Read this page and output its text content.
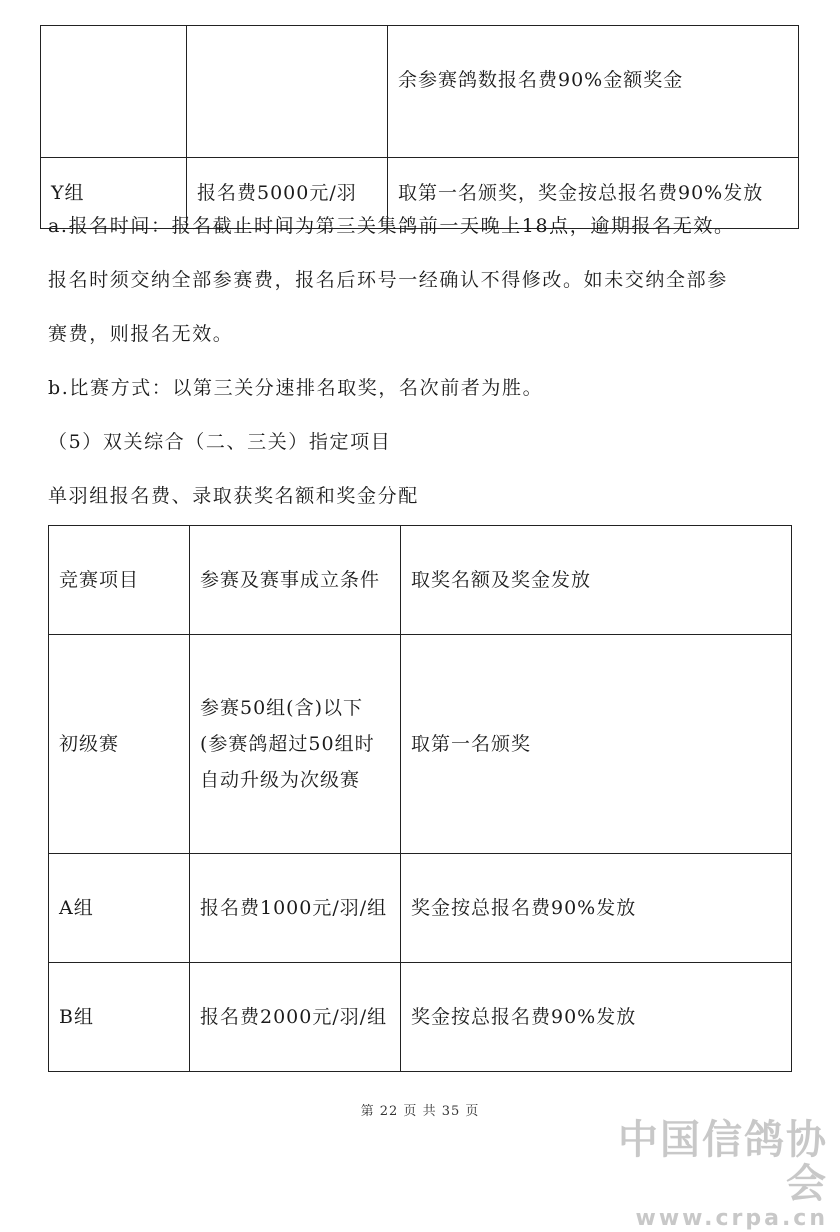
		余参赛鸽数报名费90%金额奖金
Y组	报名费5000元/羽	取第一名颁奖，奖金按总报名费90%发放
a.报名时间：报名截止时间为第三关集鸽前一天晚上18点，逾期报名无效。
报名时须交纳全部参赛费，报名后环号一经确认不得修改。如未交纳全部参
赛费，则报名无效。
b.比赛方式：以第三关分速排名取奖，名次前者为胜。
（5）双关综合（二、三关）指定项目
单羽组报名费、录取获奖名额和奖金分配
竞赛项目	参赛及赛事成立条件	取奖名额及奖金发放
初级赛	参赛50组(含)以下(参赛鸽超过50组时自动升级为次级赛	取第一名颁奖
A组	报名费1000元/羽/组	奖金按总报名费90%发放
B组	报名费2000元/羽/组	奖金按总报名费90%发放
第 22 页 共 35 页
中国信鸽协会
www.crpa.cn
